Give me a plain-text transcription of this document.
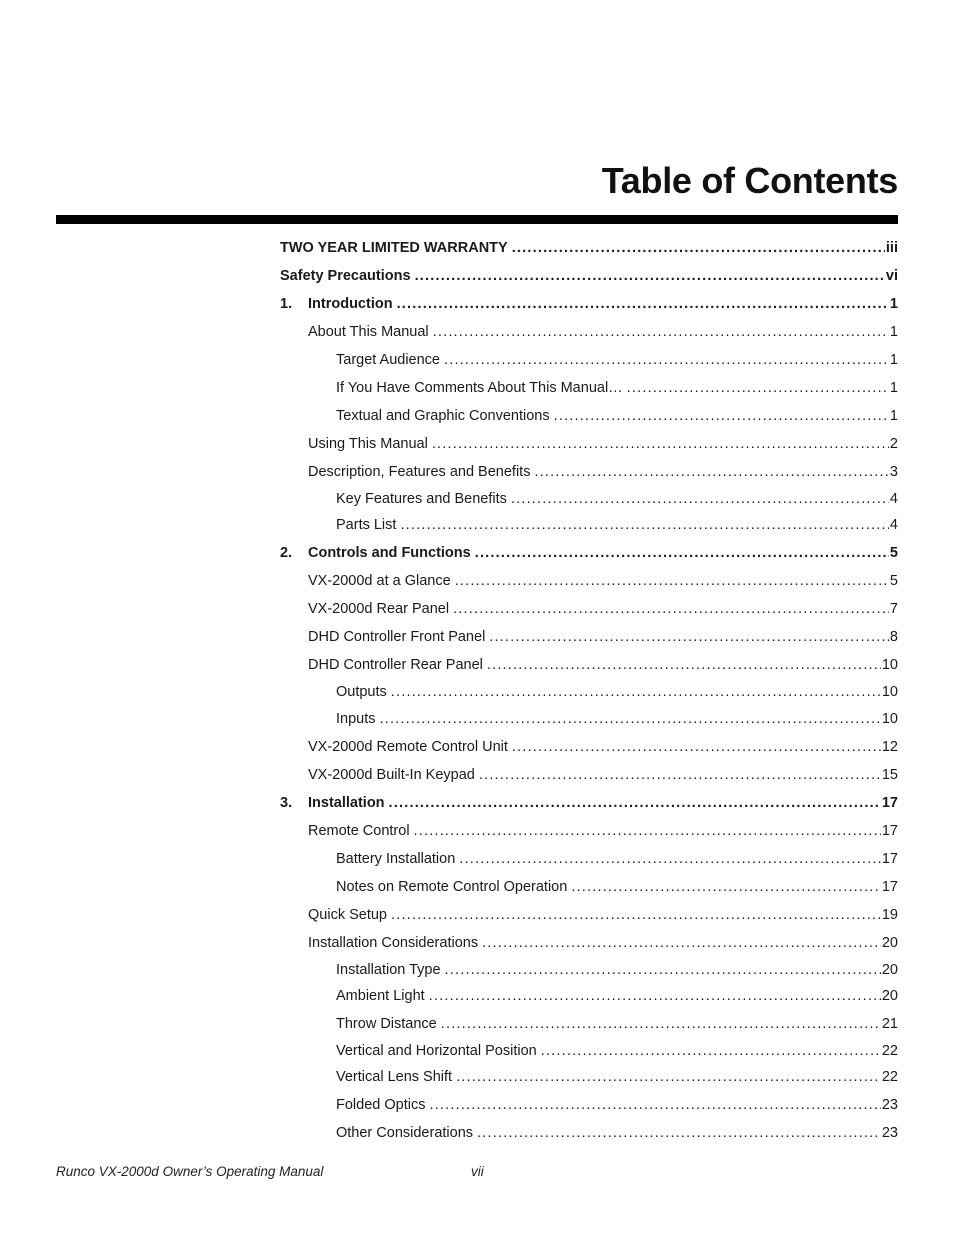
Table of Contents
TWO YEAR LIMITED WARRANTY .....	iii
Safety Precautions .....	vi
1.	Introduction .....	1
About This Manual .....	1
Target Audience .....	1
If You Have Comments About This Manual… .....	1
Textual and Graphic Conventions .....	1
Using This Manual .....	2
Description, Features and Benefits .....	3
Key Features and Benefits .....	4
Parts List .....	4
2.	Controls and Functions .....	5
VX-2000d at a Glance .....	5
VX-2000d Rear Panel .....	7
DHD Controller Front Panel .....	8
DHD Controller Rear Panel .....	10
Outputs .....	10
Inputs .....	10
VX-2000d Remote Control Unit .....	12
VX-2000d Built-In Keypad .....	15
3.	Installation .....	17
Remote Control .....	17
Battery Installation .....	17
Notes on Remote Control Operation .....	17
Quick Setup .....	19
Installation Considerations .....	20
Installation Type .....	20
Ambient Light .....	20
Throw Distance .....	21
Vertical and Horizontal Position .....	22
Vertical Lens Shift .....	22
Folded Optics .....	23
Other Considerations .....	23
Runco VX-2000d Owner’s Operating Manual	vii
